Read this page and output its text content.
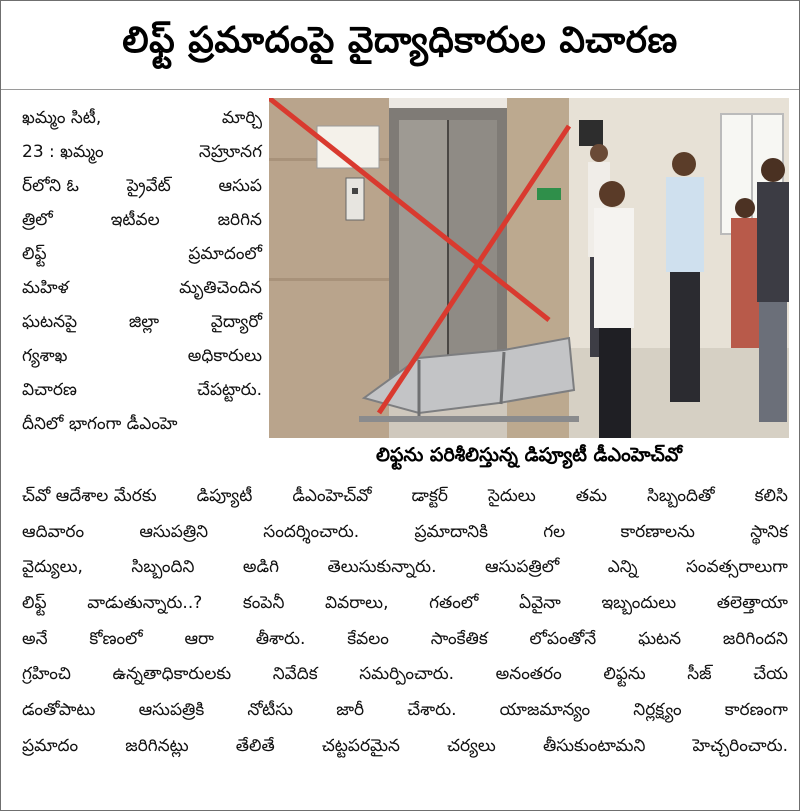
లిఫ్ట్ ప్రమాదంపై వైద్యాధికారుల విచారణ
ఖమ్మం సిటీ,	మార్చి
23 : ఖమ్మం	నెహ్రూనగ
ర్‌లోని ఓ	ప్రైవేట్	ఆసుప
త్రిలో	ఇటీవల	జరిగిన
లిఫ్ట్	ప్రమాదంలో
మహిళ	మృతిచెందిన
ఘటనపై	జిల్లా	వైద్యారో
గ్యశాఖ	అధికారులు
విచారణ	చేపట్టారు.
దీనిలో భాగంగా డీఎంహె
లిఫ్టను పరిశీలిస్తున్న డిప్యూటీ డీఎంహెచ్‌వో
చ్‌వో ఆదేశాల మేరకు డిప్యూటీ డీఎంహెచ్‌వో డాక్టర్ సైదులు తమ సిబ్బందితో కలిసి
ఆదివారం	ఆసుపత్రిని	సందర్శించారు.	ప్రమాదానికి	గల	కారణాలను	స్థానిక
వైద్యులు,	సిబ్బందిని	అడిగి	తెలుసుకున్నారు.	ఆసుపత్రిలో	ఎన్ని	సంవత్సరాలుగా
లిఫ్ట్ వాడుతున్నారు..? కంపెనీ వివరాలు, గతంలో ఏవైనా ఇబ్బందులు తలెత్తాయా
అనే కోణంలో ఆరా తీశారు. కేవలం సాంకేతిక లోపంతోనే ఘటన జరిగిందని
గ్రహించి ఉన్నతాధికారులకు నివేదిక సమర్పించారు. అనంతరం లిఫ్టను సీజ్ చేయ
డంతోపాటు	ఆసుపత్రికి	నోటీసు	జారీ	చేశారు.	యాజమాన్యం	నిర్లక్ష్యం	కారణంగా
ప్రమాదం	జరిగినట్లు	తేలితే	చట్టపరమైన	చర్యలు	తీసుకుంటామని	హెచ్చరించారు.
